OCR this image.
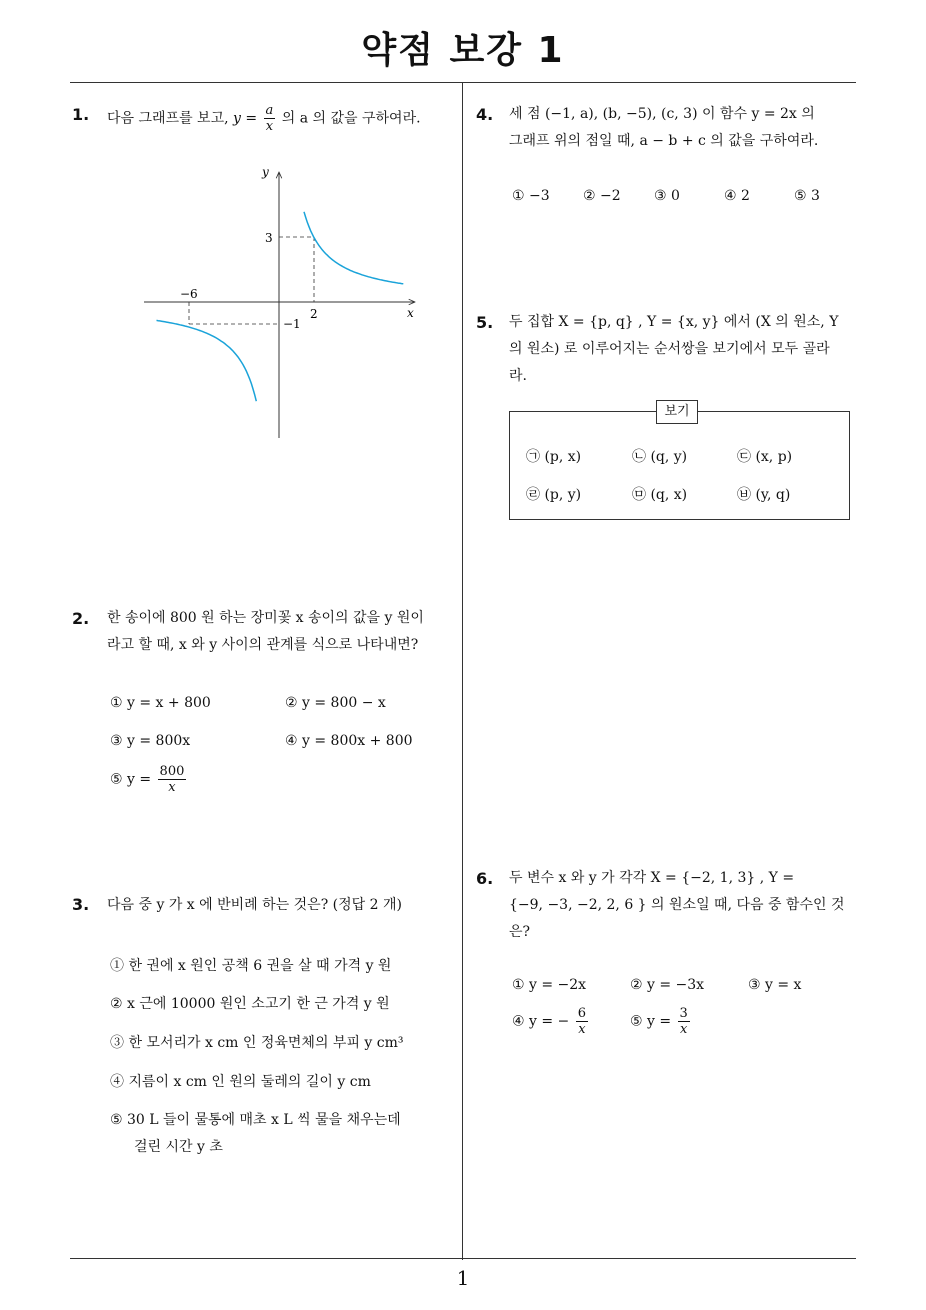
약점 보강 1
1
1. 다음 그래프를 보고, $y = \frac{a}{x}$ 의 a 의 값을 구하여라.
y
x
3
−6
2
−1
2. 한 송이에 800 원 하는 장미꽃 x 송이의 값을 y 원이
라고 할 때, x 와 y 사이의 관계를 식으로 나타내면?
① y = x + 800	② y = 800 − x
③ y = 800x	④ y = 800x + 800
⑤ $y = \frac{800}{x}$
3. 다음 중 y 가 x 에 반비례 하는 것은? (정답 2 개)
① 한 권에 x 원인 공책 6 권을 살 때 가격 y 원
② x 근에 10000 원인 소고기 한 근 가격 y 원
③ 한 모서리가 x cm 인 정육면체의 부피 y cm³
④ 지름이 x cm 인 원의 둘레의 길이 y cm
⑤ 30 L 들이 물통에 매초 x L 씩 물을 채우는데
걸린 시간 y 초
4. 세 점 (−1, a), (b, −5), (c, 3) 이 함수 y = 2x 의
그래프 위의 점일 때, a − b + c 의 값을 구하여라.
① −3 ② −2 ③ 0	④ 2	⑤ 3
5. 두 집합 X = {p, q} , Y = {x, y} 에서 (X 의 원소, Y
의 원소) 로 이루어지는 순서쌍을 보기에서 모두 골라
라.
보기
㉠ (p, x)	㉡ (q, y)	㉢ (x, p)
㉣ (p, y)	㉤ (q, x)	㉥ (y, q)
6. 두 변수 x 와 y 가 각각 X = {−2, 1, 3} , Y =
{−9, −3, −2, 2, 6 } 의 원소일 때, 다음 중 함수인 것
은?
① y = −2x	② y = −3x	③ y = x
④ y = − $\frac{6}{x}$	⑤ $y = \frac{3}{x}$
